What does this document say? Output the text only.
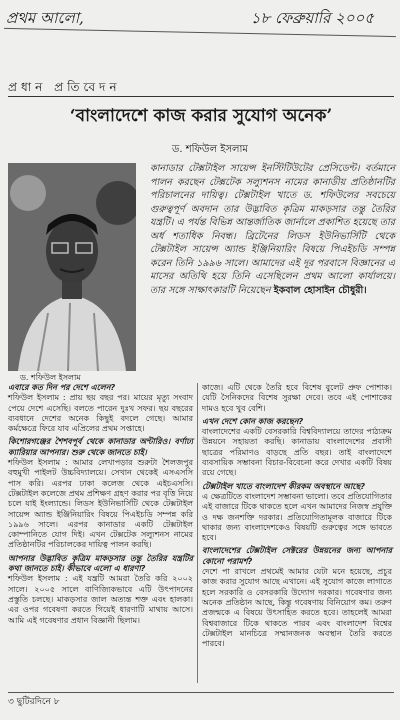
প্রথম আলো,	১৮ ফেব্রুয়ারি ২০০৫
প্রধান প্রতিবেদন
‘বাংলাদেশে কাজ করার সুযোগ অনেক’
ড. শফিউল ইসলাম
ড. শফিউল ইসলাম
কানাডার টেক্সটাইল সায়েন্স ইনস্টিটিউটের প্রেসিডেন্ট। বর্তমানে পালন করছেন টেক্সটেক সল্যুশনস নামের কানাডীয় প্রতিষ্ঠানটির পরিচালনের দায়িত্ব। টেক্সটাইল খাতে ড. শফিউলের সবচেয়ে গুরুত্বপূর্ণ অবদান তার উদ্ভাবিত কৃত্রিম মাকড়সার তন্তু তৈরির যন্ত্রটি। এ পর্যন্ত বিভিন্ন আন্তর্জাতিক জার্নালে প্রকাশিত হয়েছে তার অর্ধ শতাধিক নিবন্ধ। ব্রিটেনের লিডস ইউনিভার্সিটি থেকে টেক্সটাইল সায়েন্স অ্যান্ড ইঞ্জিনিয়ারিং বিষয়ে পিএইচডি সম্পন্ন করেন তিনি ১৯৯৬ সালে। আমাদের এই দূর পরবাসে বিজ্ঞানের এ মাসের অতিথি হয়ে তিনি এসেছিলেন প্রথম আলো কার্যালয়ে। তার সঙ্গে সাক্ষাৎকারটি নিয়েছেন ইকবাল হোসাইন চৌধুরী।

এবারে কত দিন পর দেশে এলেন?
শফিউল ইসলাম : প্রায় ছয় বছর পর। মায়ের মৃত্যু সংবাদ পেয়ে দেশে এসেছি। বলতে পারেন দুঃখ সফর। ছয় বছরের ব্যবধানে দেশের অনেক কিছুই বদলে গেছে। আমার কর্মক্ষেত্রে ফিরে যাব এপ্রিলের প্রথম সপ্তাহে।

কিশোরগঞ্জের শৈশবপূর্ব থেকে কানাডার অন্টারিও। বর্ণাঢ্য ক্যারিয়ার আপনার। শুরু থেকে জানতে চাই।
শফিউল ইসলাম : আমার লেখাপড়ার শুরুটা শৈলজপুর বহুমুখী পাইলট উচ্চবিদ্যালয়ে। সেখান থেকেই এসএসসি পাস করি। এরপর ঢাকা কলেজ থেকে এইচএসসি। টেক্সটাইল কলেজে প্রথম প্রশিক্ষণ গ্রহণ করার পর বৃত্তি নিয়ে চলে যাই ইংল্যান্ডে। লিডস ইউনিভার্সিটি থেকে টেক্সটাইল সায়েন্স অ্যান্ড ইঞ্জিনিয়ারিং বিষয়ে পিএইচডি সম্পন্ন করি ১৯৯৬ সালে। এরপর কানাডার একটি টেক্সটাইল কোম্পানিতে যোগ দিই। এখন টেক্সটেক সল্যুশনস নামের প্রতিষ্ঠানটির পরিচালকের দায়িত্ব পালন করছি।

আপনার উদ্ভাবিত কৃত্রিম মাকড়সার তন্তু তৈরির যন্ত্রটির কথা জানতে চাই। কীভাবে এলো এ ধারণা?
শফিউল ইসলাম : এই যন্ত্রটি আমরা তৈরি করি ২০০২ সালে। ২০০৫ সালে বাণিজ্যিকভাবে এটি উৎপাদনের প্রস্তুতি চলছে। মাকড়সার জাল অত্যন্ত শক্ত এবং হালকা। এর ওপর গবেষণা করতে গিয়েই ধারণাটি মাথায় আসে। আমি এই গবেষণার প্রধান বিজ্ঞানী ছিলাম।

কাজে। এটি থেকে তৈরি হবে বিশেষ বুলেট প্রুফ পোশাক। যেটি সৈনিকদের বিশেষ সুরক্ষা দেবে। তবে এই পোশাকের দামও হবে খুব বেশি।

এখন দেশে কোন কাজ করছেন?
বাংলাদেশের একটি বেসরকারি বিশ্ববিদ্যালয়ে তাদের পাঠ্যক্রম উন্নয়নে সহায়তা করছি। কানাডায় বাংলাদেশের প্রবাসী ছাত্রের পরিমাণও বাড়ছে প্রতি বছর। তাই বাংলাদেশে ব্যবসায়িক সম্ভাবনা বিচার-বিবেচনা করে দেখার একটি বিষয় রয়ে গেছে।

টেক্সটাইল খাতে বাংলাদেশ কীরকম অবস্থানে আছে?
এ ক্ষেত্রটিতে বাংলাদেশ সম্ভাবনা ভালো। তবে প্রতিযোগিতার এই বাজারে টিকে থাকতে হলে এখন আমাদের নিজস্ব প্রযুক্তি ও দক্ষ জনশক্তি দরকার। প্রতিযোগিতামূলক বাজারে টিকে থাকার জন্য বাংলাদেশকেও বিষয়টি গুরুত্বের সঙ্গে ভাবতে হবে।

বাংলাদেশের টেক্সটাইল সেক্টরের উন্নয়নের জন্য আপনার কোনো পরামর্শ?
দেশে পা রাখলে প্রথমেই আমার যেটা মনে হয়েছে, প্রচুর কাজ করার সুযোগ আছে এখানে। এই সুযোগ কাজে লাগাতে হলে সরকারি ও বেসরকারি উদ্যোগ দরকার। গবেষণার জন্য অনেক প্রতিষ্ঠান আছে, কিন্তু গবেষণায় বিনিয়োগ কম। তরুণ প্রজন্মকে এ বিষয়ে উৎসাহিত করতে হবে। তাহলেই আমরা বিশ্ববাজারে টিকে থাকতে পারব এবং বাংলাদেশ বিশ্বের টেক্সটাইল মানচিত্রে সম্মানজনক অবস্থান তৈরি করতে পারবে।

৩ ছুটিরদিনে ৮
